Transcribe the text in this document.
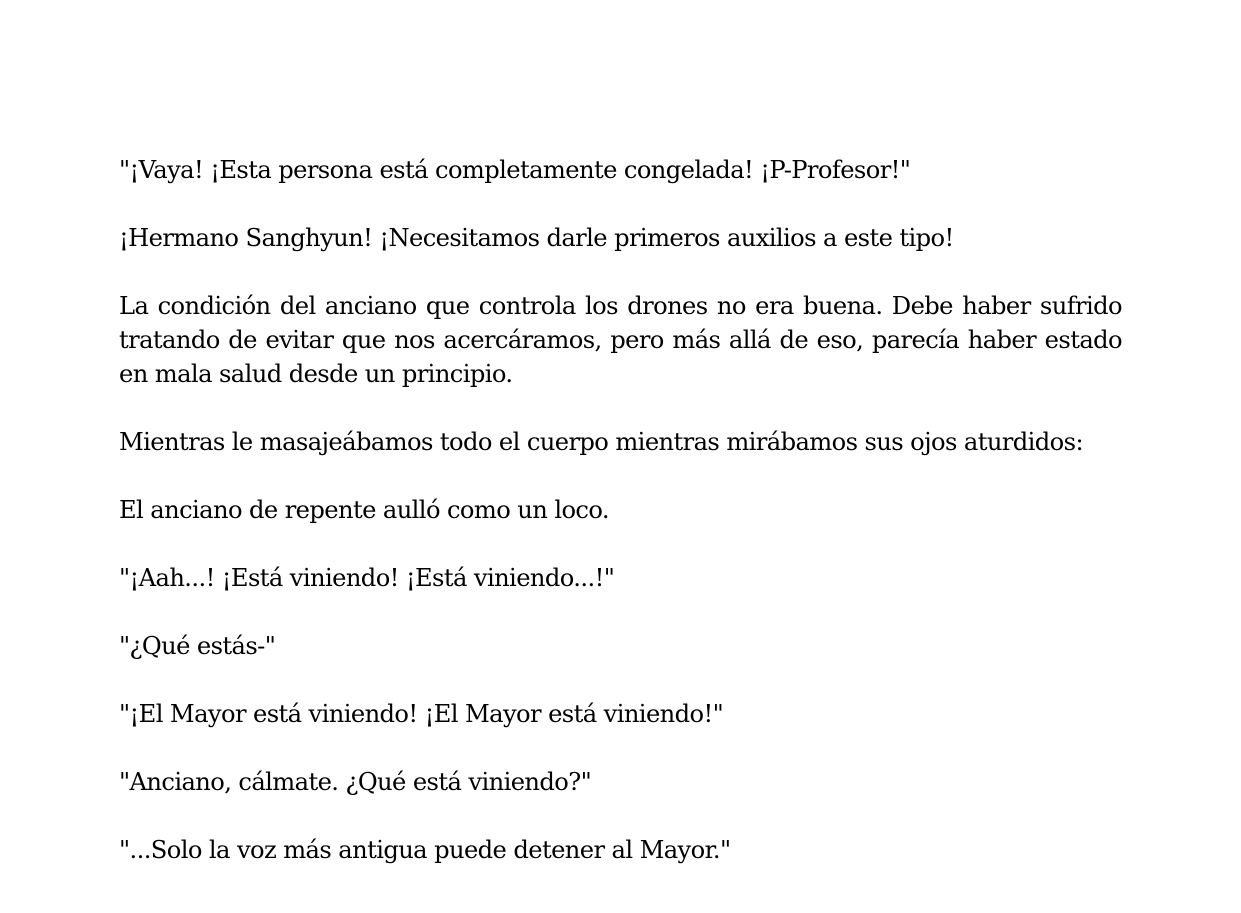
"¡Vaya! ¡Esta persona está completamente congelada! ¡P-Profesor!"

¡Hermano Sanghyun! ¡Necesitamos darle primeros auxilios a este tipo!

La condición del anciano que controla los drones no era buena. Debe haber sufrido tratando de evitar que nos acercáramos, pero más allá de eso, parecía haber estado en mala salud desde un principio.

Mientras le masajeábamos todo el cuerpo mientras mirábamos sus ojos aturdidos:

El anciano de repente aulló como un loco.

"¡Aah...! ¡Está viniendo! ¡Está viniendo...!"

"¿Qué estás-"

"¡El Mayor está viniendo! ¡El Mayor está viniendo!"

"Anciano, cálmate. ¿Qué está viniendo?"

"...Solo la voz más antigua puede detener al Mayor."
